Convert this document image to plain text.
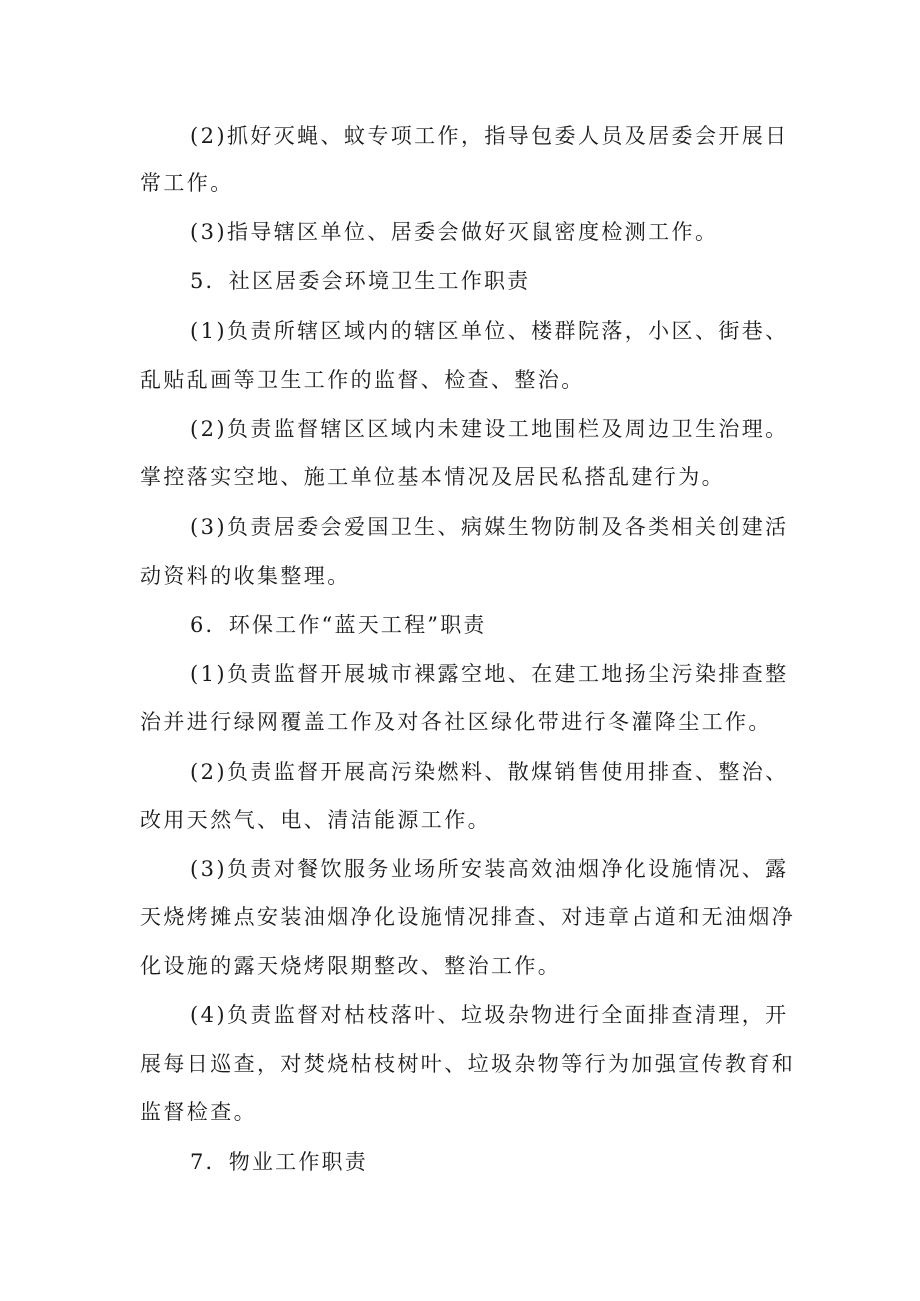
(2)抓好灭蝇、蚊专项工作，指导包委人员及居委会开展日
常工作。
(3)指导辖区单位、居委会做好灭鼠密度检测工作。
5．社区居委会环境卫生工作职责
(1)负责所辖区域内的辖区单位、楼群院落，小区、街巷、
乱贴乱画等卫生工作的监督、检查、整治。
(2)负责监督辖区区域内未建设工地围栏及周边卫生治理。
掌控落实空地、施工单位基本情况及居民私搭乱建行为。
(3)负责居委会爱国卫生、病媒生物防制及各类相关创建活
动资料的收集整理。
6．环保工作“蓝天工程”职责
(1)负责监督开展城市裸露空地、在建工地扬尘污染排查整
治并进行绿网覆盖工作及对各社区绿化带进行冬灌降尘工作。
(2)负责监督开展高污染燃料、散煤销售使用排查、整治、
改用天然气、电、清洁能源工作。
(3)负责对餐饮服务业场所安装高效油烟净化设施情况、露
天烧烤摊点安装油烟净化设施情况排查、对违章占道和无油烟净
化设施的露天烧烤限期整改、整治工作。
(4)负责监督对枯枝落叶、垃圾杂物进行全面排查清理，开
展每日巡查，对焚烧枯枝树叶、垃圾杂物等行为加强宣传教育和
监督检查。
7．物业工作职责
